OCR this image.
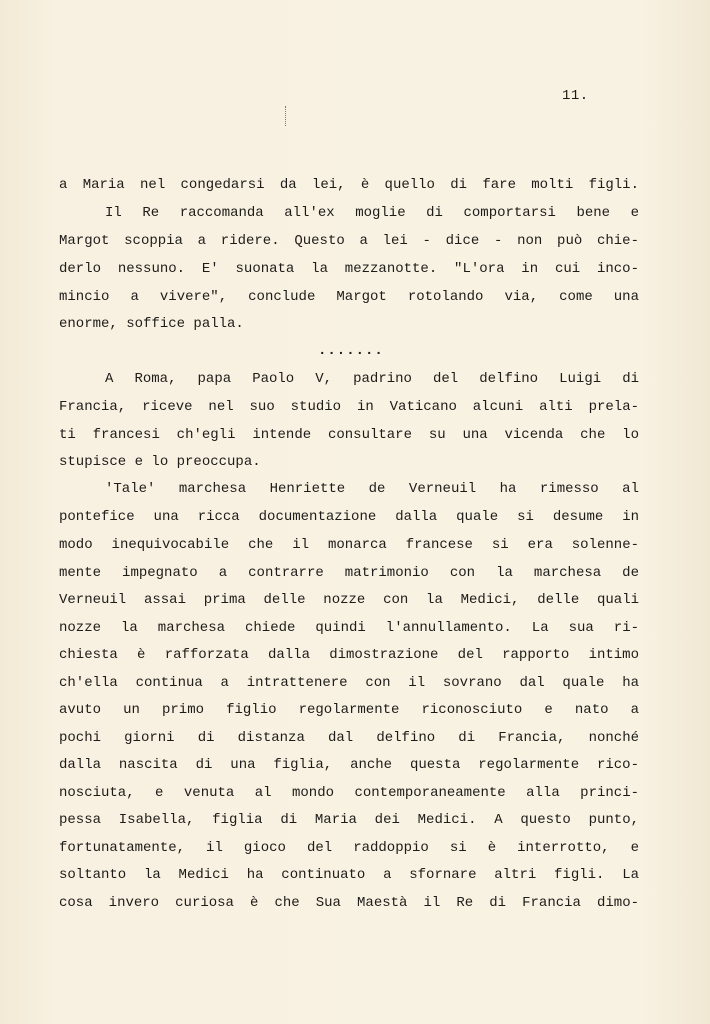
11.
a Maria nel congedarsi da lei, è quello di fare molti figli.
Il Re raccomanda all'ex moglie di comportarsi bene e
Margot scoppia a ridere. Questo a lei - dice - non può chie-
derlo nessuno. E' suonata la mezzanotte. "L'ora in cui inco-
mincio a vivere", conclude Margot rotolando via, come una
enorme, soffice palla.
.......
A Roma, papa Paolo V, padrino del delfino Luigi di
Francia, riceve nel suo studio in Vaticano alcuni alti prela-
ti francesi ch'egli intende consultare su una vicenda che lo
stupisce e lo preoccupa.
'Tale' marchesa Henriette de Verneuil ha rimesso al
pontefice una ricca documentazione dalla quale si desume in
modo inequivocabile che il monarca francese si era solenne-
mente impegnato a contrarre matrimonio con la marchesa de
Verneuil assai prima delle nozze con la Medici, delle quali
nozze la marchesa chiede quindi l'annullamento. La sua ri-
chiesta è rafforzata dalla dimostrazione del rapporto intimo
ch'ella continua a intrattenere con il sovrano dal quale ha
avuto un primo figlio regolarmente riconosciuto e nato a
pochi giorni di distanza dal delfino di Francia, nonché
dalla nascita di una figlia, anche questa regolarmente rico-
nosciuta, e venuta al mondo contemporaneamente alla princi-
pessa Isabella, figlia di Maria dei Medici. A questo punto,
fortunatamente, il gioco del raddoppio si è interrotto, e
soltanto la Medici ha continuato a sfornare altri figli. La
cosa invero curiosa è che Sua Maestà il Re di Francia dimo-
